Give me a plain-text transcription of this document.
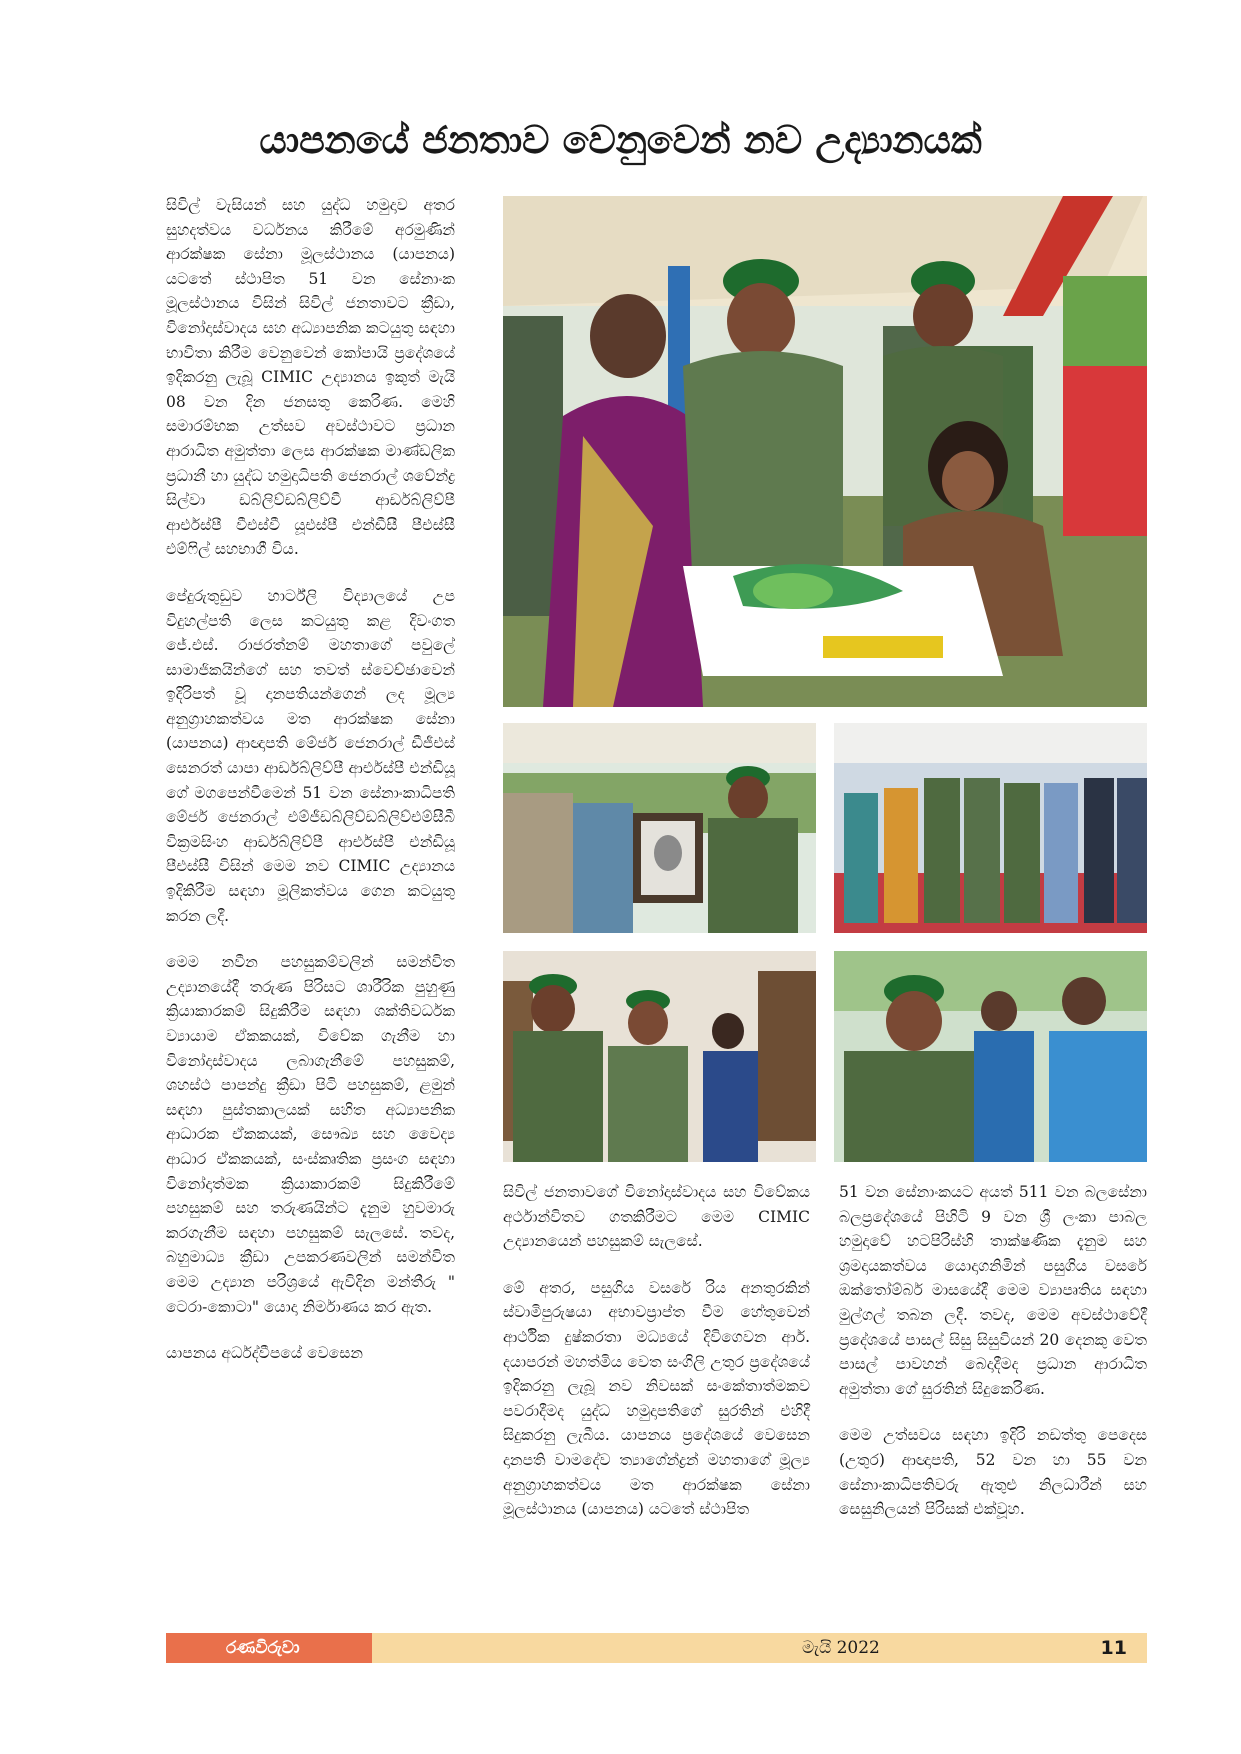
යාපනයේ ජනතාව වෙනුවෙන් නව උද්‍යානයක්

සිවිල් වැසියන් සහ යුද්ධ හමුදාව අතර සුහදත්වය වර්ධනය කිරීමේ අරමුණින් ආරක්ෂක සේනා මූලස්ථානය (යාපනය) යටතේ ස්ථාපිත 51 වන සේනාංක මූලස්ථානය විසින් සිවිල් ජනතාවට ක්‍රීඩා, විනෝදාස්වාදය සහ අධ්‍යාපනික කටයුතු සඳහා භාවිතා කිරීම වෙනුවෙන් කෝපායි ප්‍රදේශයේ ඉදිකරනු ලැබූ CIMIC උද්‍යානය ඉකුත් මැයි 08 වන දින ජනසතු කෙරිණ. මෙහි සමාරම්භක උත්සව අවස්ථාවට ප්‍රධාන ආරාධිත අමුත්තා ලෙස ආරක්ෂක මාණ්ඩලික ප්‍රධානී හා යුද්ධ හමුදාධිපති ජෙනරාල් ශවේන්ද්‍ර සිල්වා ඩබ්ලිව්ඩබ්ලිව්වී ආර්ඩබ්ලිව්පී ආර්එස්පී වීඑස්වී යූඑස්පී එන්ඩීසී පීඑස්සී එම්ෆිල් සහභාගී විය.

පේදුරුතුඩුව හාර්ට්ලි විද්‍යාලයේ උප විදුහල්පති ලෙස කටයුතු කළ දිවංගත ජේ.එස්. රාජරත්නම් මහතාගේ පවුලේ සාමාජිකයින්ගේ සහ තවත් ස්වෙච්ඡාවෙන් ඉදිරිපත් වූ දානපතියන්ගෙන් ලද මූල්‍ය අනුග්‍රාහකත්වය මත ආරක්ෂක සේනා (යාපනය) ආඥාපති මේජර් ජෙනරාල් ඩීජීඑස් සෙනරත් යාපා ආර්ඩබ්ලිව්පී ආර්එස්පී එන්ඩියූ ගේ මගපෙන්වීමෙන් 51 වන සේනාංකාධිපති මේජර් ජෙනරාල් එම්ජීඩබ්ලිව්ඩබ්ලිව්එම්සීබී වික්‍රමසිංහ ආර්ඩබ්ලිව්පී ආර්එස්පී එන්ඩියූ පීඑස්සී විසින් මෙම නව CIMIC උද්‍යානය ඉදිකිරීම සඳහා මූලිකත්වය ගෙන කටයුතු කරන ලදී.

මෙම නවීන පහසුකම්වලින් සමන්විත උද්‍යානයේදී තරුණ පිරිසට ශාරීරික පුහුණු ක්‍රියාකාරකම් සිදුකිරීම සඳහා ශක්තිවර්ධක ව්‍යායාම ඒකකයක්, විවේක ගැනීම හා විනෝදාස්වාදය ලබාගැනීමේ පහසුකම්, ශහස්ථ පාපන්දු ක්‍රීඩා පිටි පහසුකම්, ළමුන් සඳහා පුස්තකාලයක් සහිත අධ්‍යාපනික ආධාරක ඒකකයක්, සෞඛ්‍ය සහ වෛද්‍ය ආධාර ඒකකයක්, සංස්කෘතික ප්‍රසංග සඳහා විනෝදාත්මක ක්‍රියාකාරකම් සිදුකිරීමේ පහසුකම් සහ තරුණයින්ට දැනුම හුවමාරු කරගැනීම සඳහා පහසුකම් සැලසේ. තවද, බහුමාධ්‍ය ක්‍රීඩා උපකරණවලින් සමන්විත මෙම උද්‍යාන පරිශ්‍රයේ ඇවිදින මන්තීරු " ටෙරා-කොටා" යොදා නිර්මාණය කර ඇත.

යාපනය අර්ධද්වීපයේ වෙසෙන

සිවිල් ජනතාවගේ විනෝදාස්වාදය සහ විවේකය අර්ථාන්විතව ගතකිරීමට මෙම CIMIC උද්‍යානයෙන් පහසුකම් සැලසේ.

මේ අතර, පසුගිය වසරේ රිය අනතුරකින් ස්වාමිපුරුෂයා අභාවප්‍රාප්ත වීම හේතුවෙන් ආර්ථික දුෂ්කරතා මධ්‍යයේ දිවිගෙවන ආර්. දයාපරන් මහත්මිය වෙත සංගිලි උතුර ප්‍රදේශයේ ඉදිකරනු ලැබූ නව නිවසක් සංකේතාත්මකව පවරාදීමද යුද්ධ හමුදාපතිගේ සුරතින් එහිදී සිදුකරනු ලැබීය. යාපනය ප්‍රදේශයේ වෙසෙන දානපති වාමදේව ත්‍යාගේන්ද්‍රන් මහතාගේ මූල්‍ය අනුග්‍රාහකත්වය මත ආරක්ෂක සේනා මූලස්ථානය (යාපනය) යටතේ ස්ථාපිත

51 වන සේනාංකයට අයත් 511 වන බලසේනා බලප්‍රදේශයේ පිහිටි 9 වන ශ්‍රී ලංකා පාබල හමුදාවේ හටපිරිස්හි තාක්ෂණික දැනුම සහ ශ්‍රමදායකත්වය යොදාගනිමින් පසුගිය වසරේ ඔක්තෝම්බර් මාසයේදී මෙම ව්‍යාපෘතිය සඳහා මුල්ගල් තබන ලදී. තවද, මෙම අවස්ථාවේදී ප්‍රදේශයේ පාසල් සිසු සිසුවියන් 20 දෙනකු වෙත පාසල් පාවහන් බෙදාදීමද ප්‍රධාන ආරාධිත අමුත්තා ගේ සුරතින් සිදුකෙරිණ.

මෙම උත්සවය සඳහා ඉදිරි නඩත්තු පෙදෙස (උතුර) ආඥාපති, 52 වන හා 55 වන සේනාංකාධිපතිවරු ඇතුළු නිලධාරීන් සහ සෙසුනිලයන් පිරිසක් එක්වූහ.

රණවිරුවා	මැයි 2022	11
